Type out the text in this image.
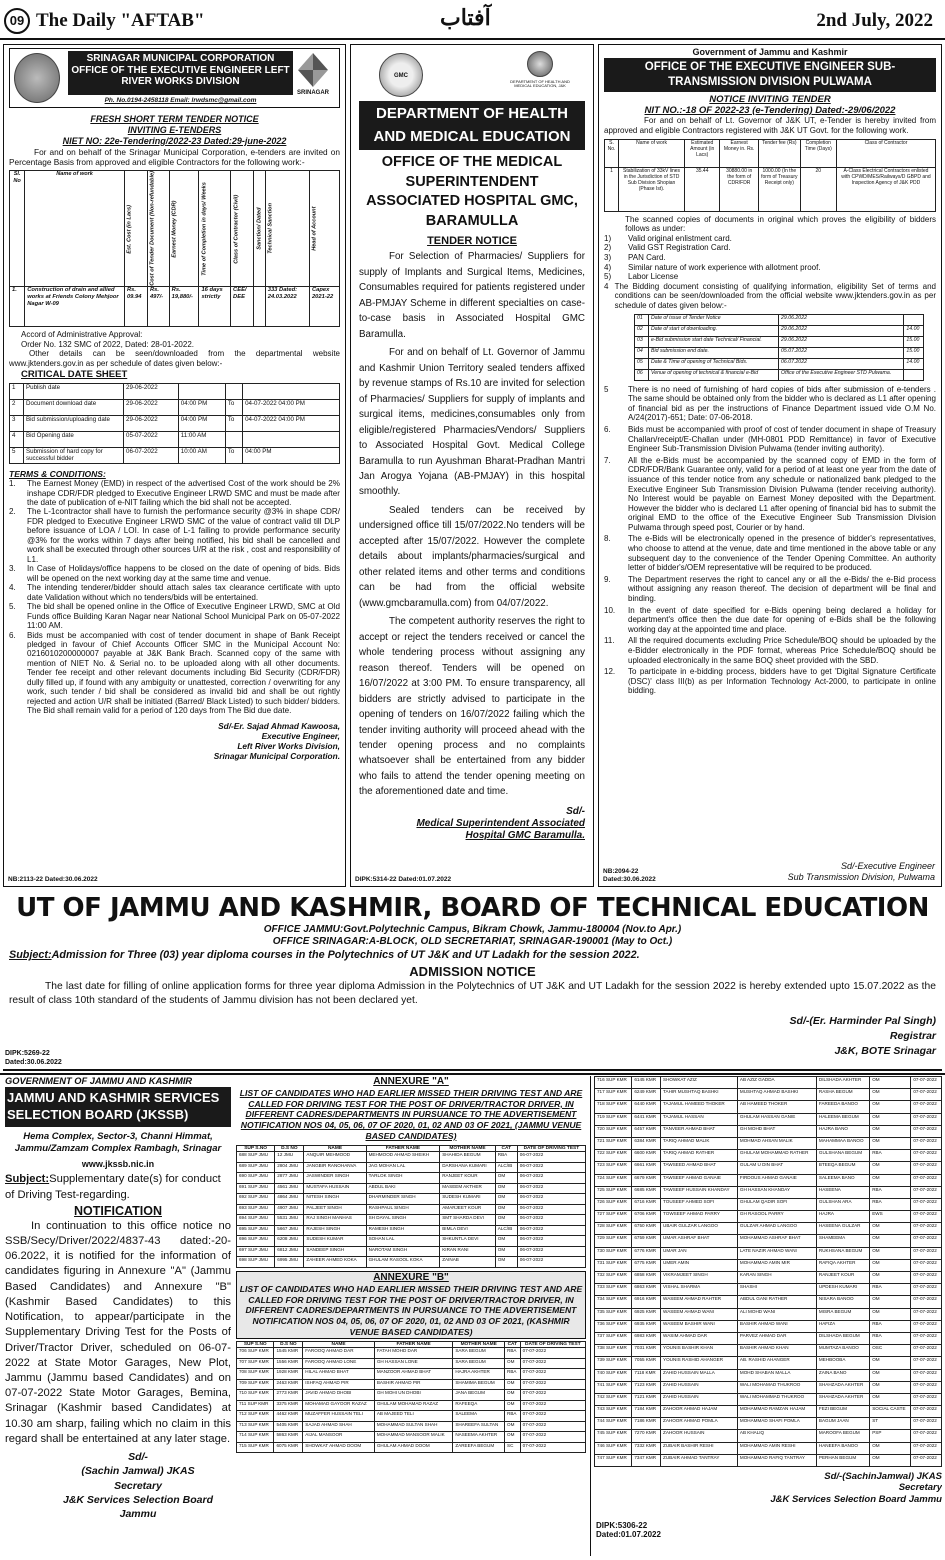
09 The Daily "AFTAB"	آفتاب	2nd July, 2022
SRINAGAR MUNICIPAL CORPORATION
OFFICE OF THE EXECUTIVE ENGINEER LEFT RIVER WORKS DIVISION
Ph. No.0194-2458118 Email: lrwdsmc@gmail.com
SRINAGAR
FRESH SHORT TERM TENDER NOTICE
INVITING E-TENDERS
NIET NO: 22e-Tendering/2022-23 Dated:29-june-2022
For and on behalf of the Srinagar Municipal Corporation, e-tenders are invited on Percentage Basis from approved and eligible Contractors for the following work:-
Sl. No	Name of work	Est. Cost (in Lacs)	Cost of Tender Document (Non-refundable)	Earnest Money (CDR)	Time of Completion in days/ Weeks	Class of Contractor (Civil)	Sanction/ Dated	Technical Sanction	Head of Account
1.	Construction of drain and allied works at Friends Colony Mehjoor Nagar W-09	Rs. 09.94	Rs. 497/-	Rs. 19,880/-	16 days strictly	CEE/ DEE		333 Dated: 24.03.2022	Capex 2021-22
Accord of Administrative Approval:
Order No. 132 SMC of 2022, Dated: 28-01-2022.
Other details can be seen/downloaded from the departmental website www.jktenders.gov.in as per schedule of dates given below:-
CRITICAL DATE SHEET
1	Publish date	29-06-2022			
2	Document download date	29-06-2022	04:00 PM	To	04-07-2022 04:00 PM
3	Bid submission/uploading date	29-06-2022	04:00 PM	To	04-07-2022 04:00 PM
4	Bid Opening date	05-07-2022	11:00 AM		
5	Submission of hard copy for successful bidder	06-07-2022	10:00 AM	To	04:00 PM
TERMS & CONDITIONS:
1.	The Earnest Money (EMD) in respect of the advertised Cost of the work should be 2% inshape CDR/FDR pledged to Executive Engineer LRWD SMC and must be made after the date of publication of e-NIT failing which the bid shall not be accepted.
2.	The L-1contractor shall have to furnish the performance security @3% in shape CDR/ FDR pledged to Executive Engineer LRWD SMC of the value of contract valid till DLP before issuance of LOA / LOI. In case of L-1 failing to provide performance security @3% for the works within 7 days after being notified, his bid shall be cancelled and work shall be executed through other sources U/R at the risk , cost and responsibility of L1.
3.	In Case of Holidays/office happens to be closed on the date of opening of bids. Bids will be opened on the next working day at the same time and venue.
4.	The intending tenderer/bidder should attach sales tax clearance certificate with upto date Validation without which no tenders/bids will be entertained.
5.	The bid shall be opened online in the Office of Executive Engineer LRWD, SMC at Old Funds office Building Karan Nagar near National School Municipal Park on 05-07-2022 11:00 AM.
6.	Bids must be accompanied with cost of tender document in shape of Bank Receipt pledged in favour of Chief Accounts Officer SMC in the Municipal Account No: 0216010200000007 payable at J&K Bank Brach. Scanned copy of the same with mention of NIET No. & Serial no. to be uploaded along with all other documents. Tender fee receipt and other relevant documents including Bid Security (CDR/FDR) dully filled up, if found with any ambiguity or unattested, correction / overwriting for any work, such tender / bid shall be considered as invalid bid and shall be out rightly rejected and action U/R shall be initiated (Barred/ Black Listed) to such bidder/ bidders. The Bid shall remain valid for a period of 120 days from The Bid due date.
Sd/-Er. Sajad Ahmad Kawoosa,
Executive Engineer,
Left River Works Division,
Srinagar Municipal Corporation.
NB:2113-22 Dated:30.06.2022
GMC
DEPARTMENT OF HEALTH AND MEDICAL EDUCATION, J&K
DEPARTMENT OF HEALTH AND MEDICAL EDUCATION
OFFICE OF THE MEDICAL SUPERINTENDENT ASSOCIATED HOSPITAL GMC, BARAMULLA
TENDER NOTICE
For Selection of Pharmacies/ Suppliers for supply of Implants and Surgical Items, Medicines, Consumables required for patients registered under AB-PMJAY Scheme in different specialties on case-to-case basis in Associated Hospital GMC Baramulla.
For and on behalf of Lt. Governor of Jammu and Kashmir Union Territory sealed tenders affixed by revenue stamps of Rs.10 are invited for selection of Pharmacies/ Suppliers for supply of implants and surgical items, medicines,consumables only from eligible/registered Pharmacies/Vendors/ Suppliers to Associated Hospital Govt. Medical College Baramulla to run Ayushman Bharat-Pradhan Mantri Jan Arogya Yojana (AB-PMJAY) in this hospital smoothly.
Sealed tenders can be received by undersigned office till 15/07/2022.No tenders will be accepted after 15/07/2022. However the complete details about implants/pharmacies/surgical and other related items and other terms and conditions can be had from the official website (www.gmcbaramulla.com) from 04/07/2022.
The competent authority reserves the right to accept or reject the tenders received or cancel the whole tendering process without assigning any reason thereof. Tenders will be opened on 16/07/2022 at 3:00 PM. To ensure transparency, all bidders are strictly advised to participate in the opening of tenders on 16/07/2022 failing which the tender inviting authority will proceed ahead with the tender opening process and no complaints whatsoever shall be entertained from any bidder who fails to attend the tender opening meeting on the aforementioned date and time.
Sd/-
Medical Superintendent Associated
Hospital GMC Baramulla.
DIPK:5314-22 Dated:01.07.2022
Government of Jammu and Kashmir
OFFICE OF THE EXECUTIVE ENGINEER SUB-TRANSMISSION DIVISION PULWAMA
NOTICE INVITING TENDER
NIT NO.:-18 OF 2022-23 (e-Tendering) Dated:-29/06/2022
For and on behalf of Lt. Governor of J&K UT, e-Tender is hereby invited from approved and eligible Contractors registered with J&K UT Govt. for the following work.
S. No.	Name of work	Estimated Amount (in Lacs)	Earnest Money in. Rs.	Tender fee (Rs)	Completion Time (Days)	Class of Contractor
1	Stabilization of 33kV lines in the Jurisdiction of STD Sub Division Shopian (Phase Ist).	35.44	30880.00 in the form of CDR/FDR	1000.00 (In the form of Treasury Receipt only)	20	A-Class Electrical Contractors enlisted with CPWD/MES/Railways/D GBPD and Inspection Agency of J&K PDD
The scanned copies of documents in original which proves the eligibility of bidders follows as under:
1)	Valid original enlistment card.
2)	Valid GST Registration Card.
3)	PAN Card.
4)	Similar nature of work experience with allotment proof.
5)	Labor License
4 The Bidding document consisting of qualifying information, eligibility Set of terms and conditions can be seen/downloaded from the official website www.jktenders.gov.in as per schedule of dates given below:-
01	Date of issue of Tender Notice	29.06.2022	
02	Date of start of downloading.	29.06.2022	14.00
03	e-Bid submission start date Technical/ Financial.	29.06.2022	15.00
04	Bid submission end date.	05.07.2022	15.00
05	Date & Time of opening of Technical Bids.	06.07.2022	14.00
06	Venue of opening of technical & financial e-Bid	Office of the Executive Engineer STD Pulwama.	
5	There is no need of furnishing of hard copies of bids after submission of e-tenders . The same should be obtained only from the bidder who is declared as L1 after opening of financial bid as per the instructions of Finance Department issued vide O.M No. A/24(2017)-651; Date: 07-06-2018.
6.	Bids must be accompanied with proof of cost of tender document in shape of Treasury Challan/receipt/E-Challan under (MH-0801 PDD Remittance) in favor of Executive Engineer Sub-Transmission Division Pulwama (tender inviting authority).
7.	All the e-Bids must be accompanied by the scanned copy of EMD in the form of CDR/FDR/Bank Guarantee only, valid for a period of at least one year from the date of issuance of this tender notice from any schedule or nationalized bank pledged to the Executive Engineer Sub Transmission Division Pulwama (tender receiving authority). No Interest would be payable on Earnest Money deposited with the Department. However the bidder who is declared L1 after opening of financial bid has to submit the original EMD to the office of the Executive Engineer Sub Transmission Division Pulwama through speed post, Courier or by hand.
8.	The e-Bids will be electronically opened in the presence of bidder's representatives, who choose to attend at the venue, date and time mentioned in the above table or any subsequent day to the convenience of the Tender Opening Committee. An authority letter of bidder's/OEM representative will be required to be produced.
9.	The Department reserves the right to cancel any or all the e-Bids/ the e-Bid process without assigning any reason thereof. The decision of department will be final and binding.
10.	In the event of date specified for e-Bids opening being declared a holiday for department's office then the due date for opening of e-Bids shall be the following working day at the appointed time and place.
11.	All the required documents excluding Price Schedule/BOQ should be uploaded by the e-Bidder electronically in the PDF format, whereas Price Schedule/BOQ should be uploaded electronically in the same BOQ sheet provided with the SBD.
12.	To participate in e-bidding process, bidders have to get 'Digital Signature Certificate (DSC)' class III(b) as per Information Technology Act-2000, to participate in online bidding.
NB:2094-22
Dated:30.06.2022
Sd/-Executive Engineer
Sub Transmission Division, Pulwama
UT OF JAMMU AND KASHMIR, BOARD OF TECHNICAL EDUCATION
OFFICE JAMMU:Govt.Polytechnic Campus, Bikram Chowk, Jammu-180004 (Nov.to Apr.)
OFFICE SRINAGAR:A-BLOCK, OLD SECRETARIAT, SRINAGAR-190001 (May to Oct.)
Subject:Admission for Three (03) year diploma courses in the Polytechnics of UT J&K and UT Ladakh for the session 2022.
ADMISSION NOTICE
The last date for filling of online application forms for three year diploma Admission in the Polytechnics of UT J&K and UT Ladakh for the session 2022 is hereby extended upto 15.07.2022 as the result of class 10th standard of the students of Jammu division has not been declared yet.
Sd/-(Er. Harminder Pal Singh)
Registrar
J&K, BOTE Srinagar
DIPK:5269-22
Dated:30.06.2022
GOVERNMENT OF JAMMU AND KASHMIR
JAMMU AND KASHMIR SERVICES SELECTION BOARD (JKSSB)
Hema Complex, Sector-3, Channi Himmat, Jammu/Zamzam Complex Rambagh, Srinagar
www.jkssb.nic.in
Subject:Supplementary date(s) for conduct of Driving Test-regarding.
NOTIFICATION
In continuation to this office notice no SSB/Secy/Driver/2022/4837-43 dated:-20-06.2022, it is notified for the information of candidates figuring in Annexure "A" (Jammu Based Candidates) and Annexure "B" (Kashmir Based Candidates) to this Notification, to appear/participate in the Supplementary Driving Test for the Posts of Driver/Tractor Driver, scheduled on 06-07-2022 at State Motor Garages, New Plot, Jammu (Jammu based Candidates) and on 07-07-2022 State Motor Garages, Bemina, Srinagar (Kashmir based Candidates) at 10.30 am sharp, failing which no claim in this regard shall be entertained at any later stage.
Sd/-
(Sachin Jamwal) JKAS
Secretary
J&K Services Selection Board Jammu
ANNEXURE "A"
LIST OF CANDIDATES WHO HAD EARLIER MISSED THEIR DRIVING TEST AND ARE CALLED FOR DRIVING TEST FOR THE POST OF DRIVER/TRACTOR DRIVER, IN DIFFERENT CADRES/DEPARTMENTS IN PURSUANCE TO THE ADVERTISEMENT NOTIFICATION NOS 04, 05, 06, 07 OF 2020, 01, 02 AND 03 OF 2021, (JAMMU VENUE BASED CANDIDATES)
SUP S.NO	D.S NO	NAME	FATHER NAME	MOTHER NAME	CAT	DATE OF DRIVING TEST
688 SUP JMU	12 JMU	ANQUIR MEHMOOD	MEHMOOD AHMAD SHEIKH	SHAHIDA BEGUM	RBA	06-07-2022
689 SUP JMU	2804 JMU	JANGBIR RANOHANVA	JAG MOHAN LAL	DARSHANA KUMARI	ALC/IB	06-07-2022
690 SUP JMU	2877 JMU	JASWINDER SINGH	TARLOK SINGH	RANJEET KOUR	OM	06-07-2022
691 SUP JMU	4561 JMU	MUSTAFA HUSSAIN	ABDUL BAKI	MASEEM AKTHER	OM	06-07-2022
692 SUP JMU	4864 JMU	NITESH SINGH	DHARMINDER SINGH	SUDESH KUMARI	OM	06-07-2022
693 SUP JMU	4907 JMU	PALJEET SINGH	RASHPAUL SINGH	AMARJEET KOUR	OM	06-07-2022
694 SUP JMU	5531 JMU	RAJ SINGH MANHAS	SH DAYAL SINGH	SMT SHARDA DEVI	OM	06-07-2022
695 SUP JMU	5667 JMU	RAJESH SINGH	RAMESH SINGH	BIMLA DEVI	ALC/IB	06-07-2022
696 SUP JMU	6208 JMU	SUDESH KUMAR	SOHAN LAL	SHKUNTLA DEVI	OM	06-07-2022
697 SUP JMU	6812 JMU	SANDEEP SINGH	NAROTAM SINGH	KIRAN RANI	OM	06-07-2022
698 SUP JMU	6995 JMU	ZAHEER AHMED KOKA	GHULAM RASOOL KOKA	ZAINAB	OM	06-07-2022
ANNEXURE "B"
LIST OF CANDIDATES WHO HAD EARLIER MISSED THEIR DRIVING TEST AND ARE CALLED FOR DRIVING TEST FOR THE POST OF DRIVER/TRACTOR DRIVER, IN DIFFERENT CADRES/DEPARTMENTS IN PURSUANCE TO THE ADVERTISEMENT NOTIFICATION NOS 04, 05, 06, 07 OF 2020, 01, 02 AND 03 OF 2021, (KASHMIR VENUE BASED CANDIDATES)
SUP S.NO	D.S NO	NAME	FATHER NAME	MOTHER NAME	CAT	DATE OF DRIVING TEST
706 SUP KMR	1545 KMR	FAROOQ AHMAD DAR	FATAH MOHD DAR	SARA BEGUM	RBA	07-07-2022
707 SUP KMR	1556 KMR	FAROOQ AHMAD LONE	GH HASSAN LONE	SARA BEGUM	OM	07-07-2022
708 SUP KMR	1928 KMR	HILAL AHMAD BHAT	MANZOOR AHMAD BHAT	HAJRA AKHTER	RBA	07-07-2022
709 SUP KMR	2463 KMR	ISHFAQ AHMAD PIR	BASHIR AHMAD PIR	SHAMIMA BEGUM	OM	07-07-2022
710 SUP KMR	2773 KMR	JAVID AHMAD DHOBI	GH MOHI UN DHOBI	JANA BEGUM	OM	07-07-2022
711 SUP KMR	3375 KMR	MOHAMAD GAYOOR RAZAZ	GHULAM MOHAMAD RAZAZ	RAFEEQA	OM	07-07-2022
712 SUP KMR	4462 KMR	MUZAFFER HUSSAIN TELI	AB MAJEED TELI	SALEEMA	RBA	07-07-2022
713 SUP KMR	5405 KMR	SAJAD AHMAD SHAH	MOHAMMAD SULTAN SHAH	SHAREEFA SULTAN	OM	07-07-2022
714 SUP KMR	5863 KMR	AIJAL MANSOOR	MOHAMMAD MANSOOR MALIK	NASEEMA AKHTER	OM	07-07-2022
715 SUP KMR	6075 KMR	SHOWKAT AHMAD DOOM	GHULAM AHMAD DOOM	ZAREEFA BEGUM	SC	07-07-2022
716 SUP KMR	6145 KMR	SHOWKAT AZIZ	AB AZIZ GADDA	DILSHADA AKHTER	OM	07-07-2022
717 SUP KMR	6249 KMR	TAHIR MUSHTAQ BASHKI	MUSHTAQ AHMAD BASHKI	RASHA BEGUM	OM	07-07-2022
718 SUP KMR	6440 KMR	TAJAMUL HAMEED THOKER	AB HAMEED THOKER	FAREEDA BANOO	OM	07-07-2022
719 SUP KMR	6441 KMR	TAJAMUL HASSAN	GHULAM HASSAN GANIE	HALEEMA BEGUM	OM	07-07-2022
720 SUP KMR	6457 KMR	TANVEER AHMAD BHAT	GH MOHD BHAT	HAJRA BANO	OM	07-07-2022
721 SUP KMR	6384 KMR	TARIQ AHMAD MALIK	MOHMAD AHSAN MALIK	MAHAMMAA BANOO	OM	07-07-2022
722 SUP KMR	6600 KMR	TARIQ AHMAD RATHER	GHULAM MOHAMMAD RATHER	GULSHANA BEGUM	RBA	07-07-2022
723 SUP KMR	6661 KMR	TAWSEED AHMAD BHAT	GULAM U DIN BHAT	BTEEQA BEGUM	OM	07-07-2022
724 SUP KMR	6679 KMR	TAWSEEF AHMAD GANAIE	FIRDOUS AHMAD GANAIE	SALEEMA BANO	OM	07-07-2022
725 SUP KMR	6685 KMR	TAWSEEF HUSSAIN KHANDAY	GH HASSAN KHANDAY	HASEENA	RBA	07-07-2022
726 SUP KMR	6716 KMR	TOUSEEF AHMED SOFI	GHULAM QADIR SOFI	GULSHAN ARA	RBA	07-07-2022
727 SUP KMR	6706 KMR	TOWSEEF AHMAD PARRY	GH RASOOL PARRY	HAJRA	EWS	07-07-2022
728 SUP KMR	6750 KMR	UBAIR GULZAR LANGOO	GULZAR AHMAD LANGOO	HASEENA GULZAR	OM	07-07-2022
729 SUP KMR	6759 KMR	UMAR ASHRAF BHAT	MOHAMMAD ASHRAF BHAT	SHAMEEMA	OM	07-07-2022
730 SUP KMR	6776 KMR	UMAR JAN	LATE NAZIR AHMAD WANI	RUKHSANA BEGUM	OM	07-07-2022
731 SUP KMR	6775 KMR	UMER AMIN	MOHAMMAD AMIN MIR	RAFIQA AKHTER	OM	07-07-2022
732 SUP KMR	6858 KMR	VIKRAMJEET SINGH	KARAN SINGH	RANJEET KOUR	OM	07-07-2022
733 SUP KMR	6863 KMR	VISHAL SHARMA	SHASHI	UPDESH KUMARI	RBA	07-07-2022
734 SUP KMR	6916 KMR	WASEEM AHMAD RAHTER	ABDUL GANI RATHER	NISARA BANOO	OM	07-07-2022
735 SUP KMR	6925 KMR	WASEEM AHMAD WANI	ALI MOHD WANI	MISRA BEGUM	OM	07-07-2022
736 SUP KMR	6935 KMR	WASEEM BASHIR WANI	BASHIR AHMAD WANI	HAFIZA	RBA	07-07-2022
737 SUP KMR	6983 KMR	WASIM AHMAD DAR	PARVEZ AHMAD DAR	DILSHADA BEGUM	RBA	07-07-2022
738 SUP KMR	7031 KMR	YOUNIS BASHIR KHAN	BASHIR AHMAD KHAN	MUMTAZA BANOO	OSC	07-07-2022
739 SUP KMR	7055 KMR	YOUNIS RASHID AHANGER	AB. RASHID AHANGER	MEHBOOBA	OM	07-07-2022
740 SUP KMR	7118 KMR	ZAHID HUSSAIN MALLA	MOHD SHABAN MALLA	ZAINA BANO	OM	07-07-2022
741 SUP KMR	7123 KMR	ZAHID HUSSAIN	WALI MOHAMAD THUKROO	SHAHZADA AKHTER	OM	07-07-2022
742 SUP KMR	7121 KMR	ZAHID HUSSAIN	WALI MOHAMMAD THUKROO	SHAHZADA AKHTER	OM	07-07-2022
743 SUP KMR	7184 KMR	ZAHOOR AHMAD HAJAM	MOHAMMAD RAMZAN HAJAM	FEZI BEGUM	SOCIAL CASTE	07-07-2022
744 SUP KMR	7186 KMR	ZAHOOR AHMAD POMLA	MOHAMMAD SHAFI POMLA	BAGUM JAAN	ST	07-07-2022
745 SUP KMR	7270 KMR	ZAHOOR HUSSAIN	AB KHALIQ	MAROOFA BEGUM	PSP	07-07-2022
746 SUP KMR	7332 KMR	ZUBAIR BASHIR RESHI	MOHAMMAD AMIN RESHI	HANEEFA BANOO	OM	07-07-2022
747 SUP KMR	7347 KMR	ZUBAIR AHMAD TANTRAY	MOHAMMAD RAFIQ TANTRAY	PERHAN BEGUM	OM	07-07-2022
Sd/-(SachinJamwal) JKAS
Secretary
J&K Services Selection Board Jammu
DIPK:5306-22
Dated:01.07.2022
